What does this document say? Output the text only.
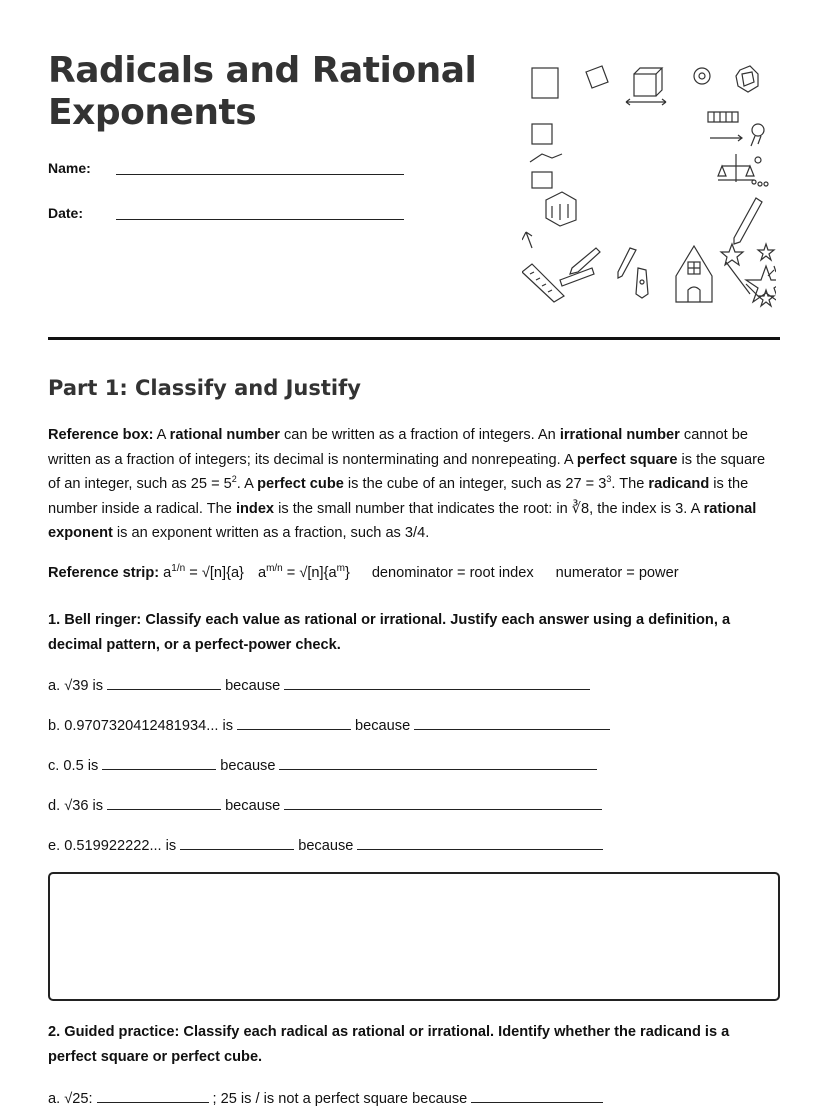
Radicals and Rational Exponents
Name:
Date:
Part 1: Classify and Justify
Reference box: A rational number can be written as a fraction of integers. An irrational number cannot be written as a fraction of integers; its decimal is nonterminating and nonrepeating. A perfect square is the square of an integer, such as $25 = 5^2$. A perfect cube is the cube of an integer, such as $27 = 3^3$. The radicand is the number inside a radical. The index is the small number that indicates the root: in ∛8, the index is 3. A rational exponent is an exponent written as a fraction, such as 3/4.
Reference strip: $a^{1/n} = √[n]\{a\} a^{m/n} = √[n]\{a^m\}$ denominator = root index numerator = power
1. Bell ringer: Classify each value as rational or irrational. Justify each answer using a definition, a decimal pattern, or a perfect-power check.
a. √39 is	because
b. 0.9707320412481934... is	because
c. 0.5 is	because
d. √36 is	because
e. 0.519922222... is	because
2. Guided practice: Classify each radical as rational or irrational. Identify whether the radicand is a perfect square or perfect cube.
a. √25:	; 25 is / is not a perfect square because
